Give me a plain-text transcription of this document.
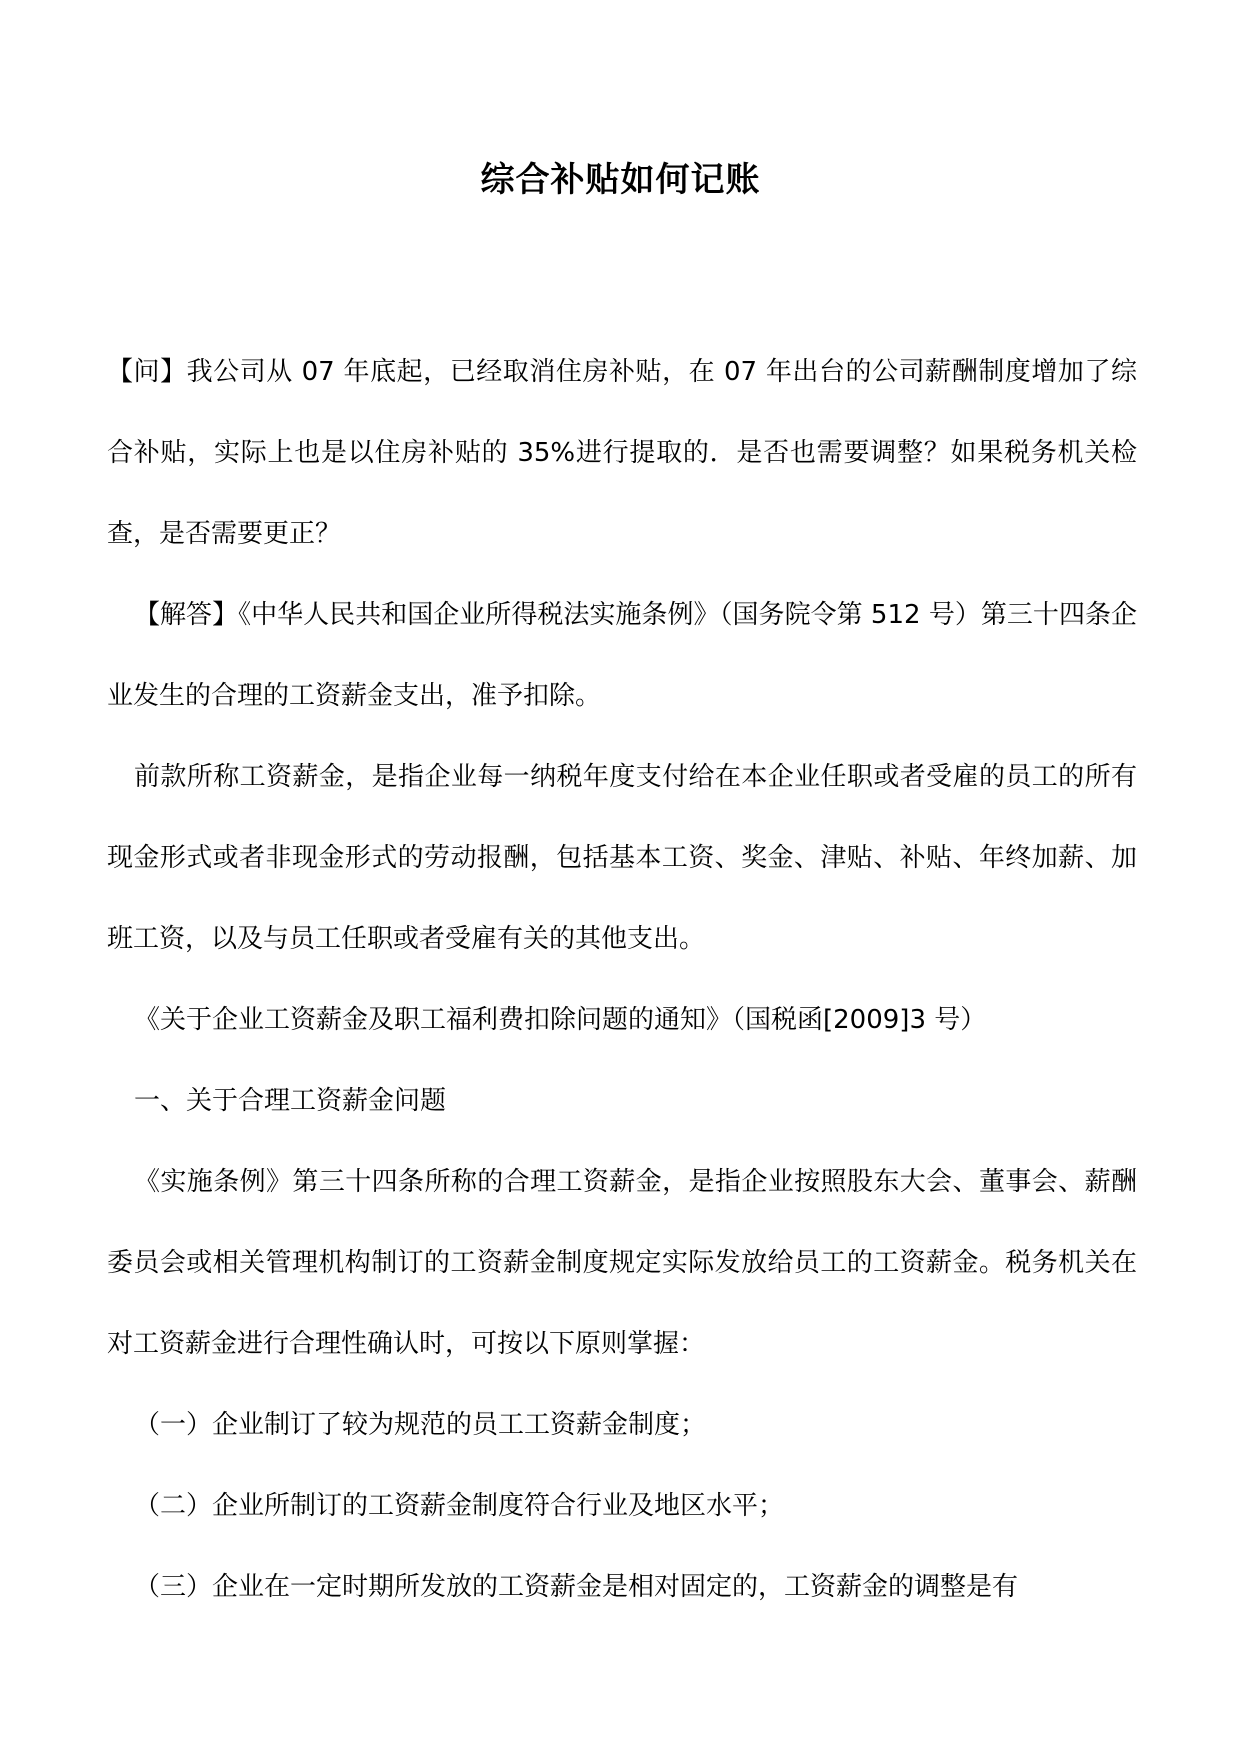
综合补贴如何记账

【问】我公司从 07 年底起，已经取消住房补贴，在 07 年出台的公司薪酬制度增加了综合补贴，实际上也是以住房补贴的 35%进行提取的．是否也需要调整？如果税务机关检查，是否需要更正？

【解答】《中华人民共和国企业所得税法实施条例》（国务院令第 512 号）第三十四条企业发生的合理的工资薪金支出，准予扣除。

前款所称工资薪金，是指企业每一纳税年度支付给在本企业任职或者受雇的员工的所有现金形式或者非现金形式的劳动报酬，包括基本工资、奖金、津贴、补贴、年终加薪、加班工资，以及与员工任职或者受雇有关的其他支出。

《关于企业工资薪金及职工福利费扣除问题的通知》（国税函[2009]3 号）

一、关于合理工资薪金问题

《实施条例》第三十四条所称的合理工资薪金，是指企业按照股东大会、董事会、薪酬委员会或相关管理机构制订的工资薪金制度规定实际发放给员工的工资薪金。税务机关在对工资薪金进行合理性确认时，可按以下原则掌握：

（一）企业制订了较为规范的员工工资薪金制度；

（二）企业所制订的工资薪金制度符合行业及地区水平；

（三）企业在一定时期所发放的工资薪金是相对固定的，工资薪金的调整是有
